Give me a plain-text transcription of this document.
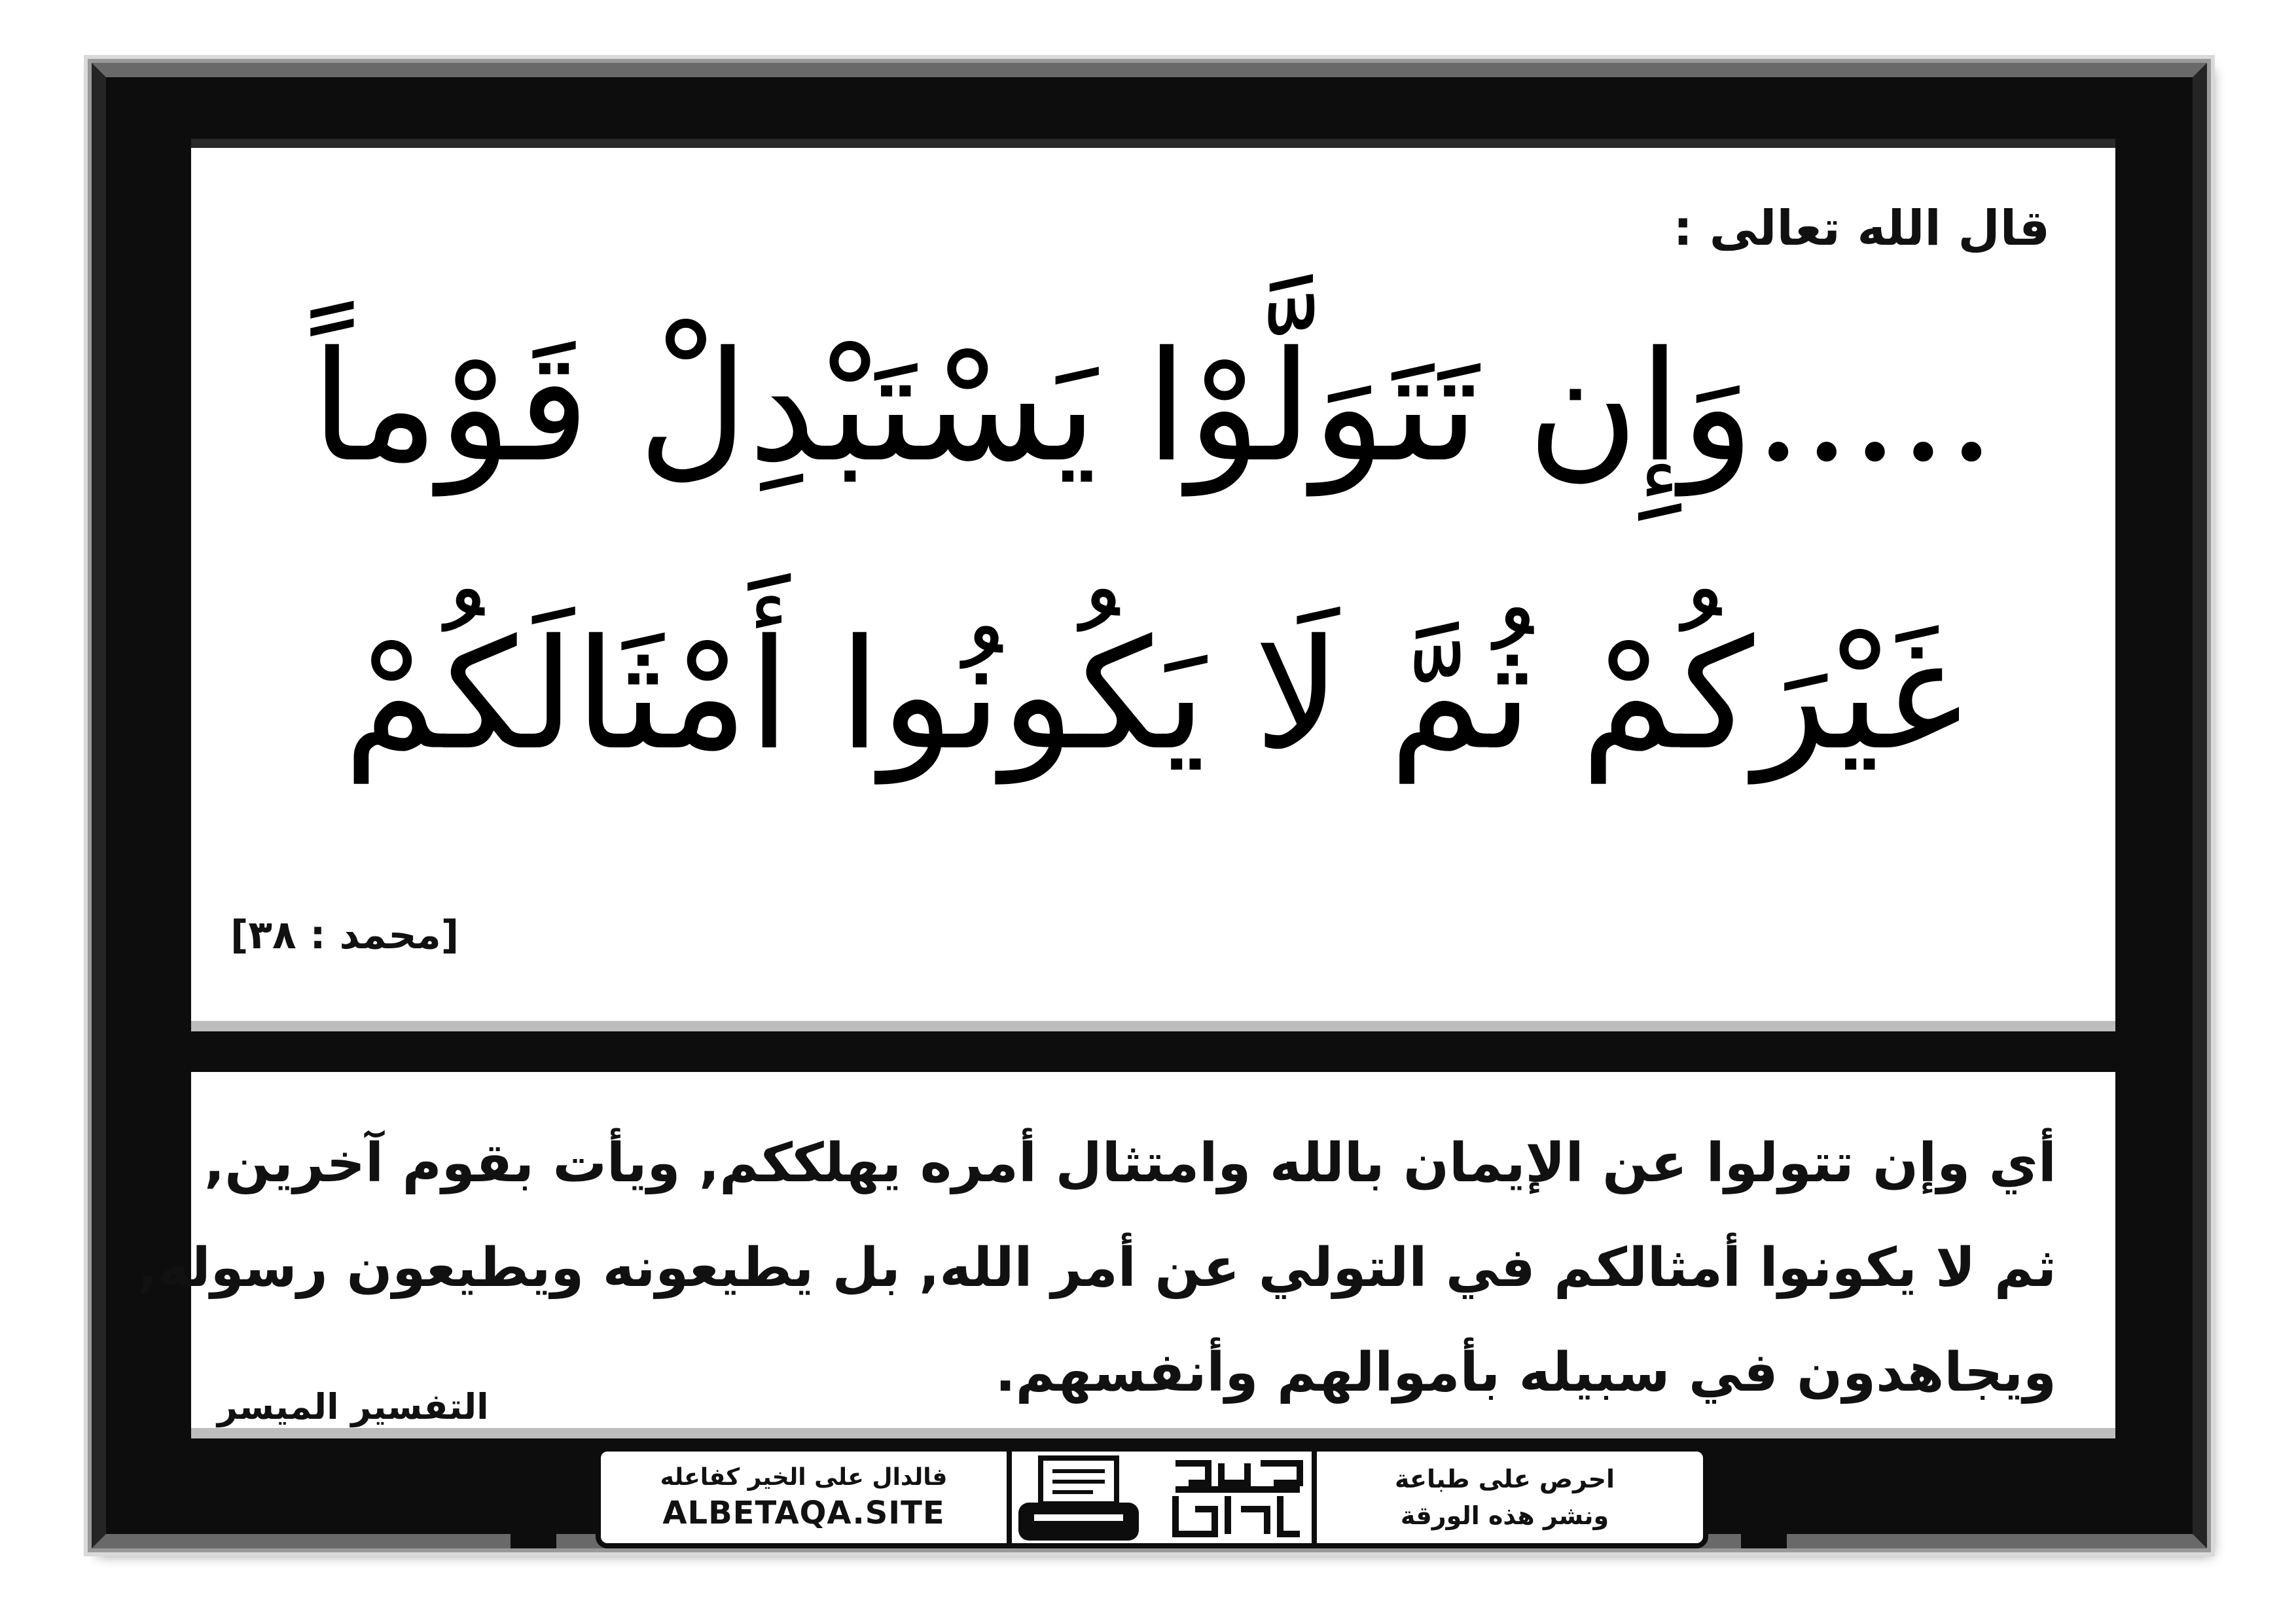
قال الله تعالى :
.....وَإِن تَتَوَلَّوْا يَسْتَبْدِلْ قَوْماً
غَيْرَكُمْ ثُمَّ لَا يَكُونُوا أَمْثَالَكُمْ
[محمد : ٣٨]
أي وإن تتولوا عن الإيمان بالله وامتثال أمره يهلككم, ويأت بقوم آخرين,
ثم لا يكونوا أمثالكم في التولي عن أمر الله, بل يطيعونه ويطيعون رسوله,
ويجاهدون في سبيله بأموالهم وأنفسهم.
التفسير الميسر
فالدال على الخير كفاعله
ALBETAQA.SITE
احرص على طباعة
ونشر هذه الورقة
